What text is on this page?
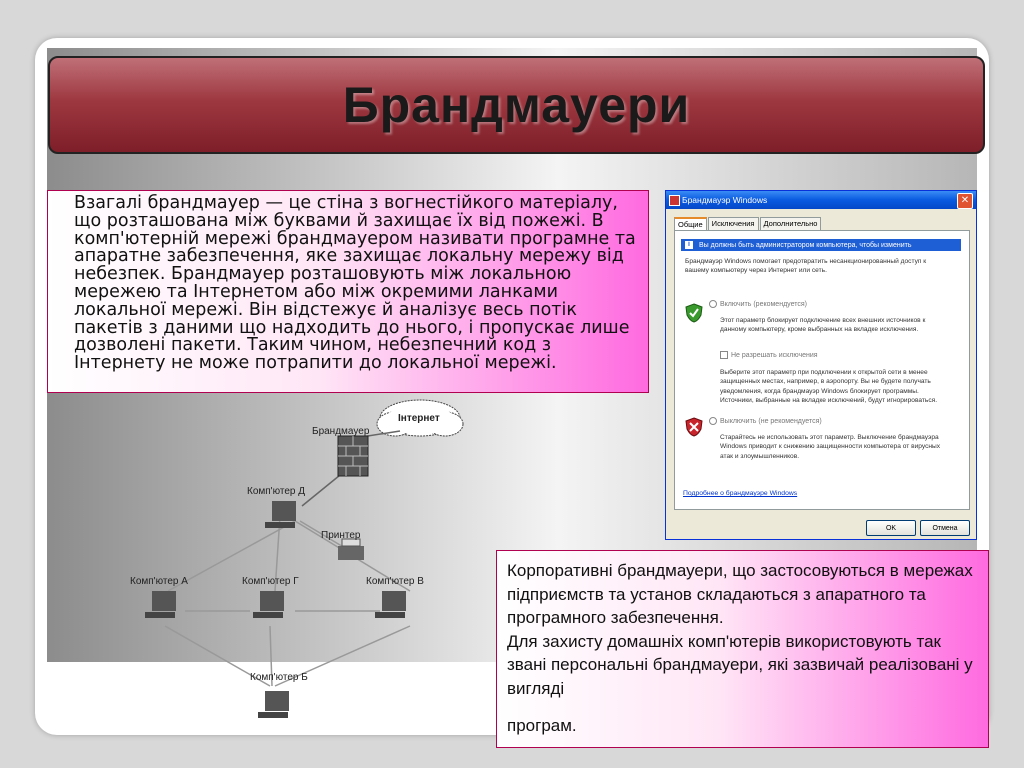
Брандмауери

Взагалі брандмауер — це стіна з вогнестійкого матеріалу, що розташована між буквами й захищає їх від пожежі. В комп'ютерній мережі брандмауером називати програмне та апаратне забезпечення, яке захищає локальну мережу від небезпек. Брандмауер розташовують між локальною мережею та Інтернетом або між окремими ланками локальної мережі. Він відстежує й аналізує весь потік пакетів з даними що надходить до нього, і пропускає лише дозволені пакети. Таким чином, небезпечний код з Інтернету не може потрапити до локальної мережі.

Інтернет
Брандмауер
Комп'ютер Д
Принтер
Комп'ютер А	Комп'ютер Г	Комп'ютер В
Комп'ютер Б
Брандмауэр Windows	✕
Общие	Исключения	Дополнительно
i	Вы должны быть администратором компьютера, чтобы изменить
Брандмауэр Windows помогает предотвратить несанкционированный доступ к вашему компьютеру через Интернет или сеть.
Включить (рекомендуется)
Этот параметр блокирует подключение всех внешних источников к данному компьютеру, кроме выбранных на вкладке исключения.
Не разрешать исключения
Выберите этот параметр при подключении к открытой сети в менее защищенных местах, например, в аэропорту. Вы не будете получать уведомления, когда брандмауэр Windows блокирует программы. Источники, выбранные на вкладке исключений, будут игнорироваться.
Выключить (не рекомендуется)
Старайтесь не использовать этот параметр. Выключение брандмауэра Windows приводит к снижению защищенности компьютера от вирусных атак и злоумышленников.
Подробнее о брандмауэре Windows
OK	Отмена

Корпоративні брандмауери, що застосовуються в мережах підприємств та установ складаються з апаратного та програмного забезпечення.

Для захисту домашніх комп'ютерів використовують так звані персональні брандмауери, які зазвичай реалізовані у вигляді

програм.
